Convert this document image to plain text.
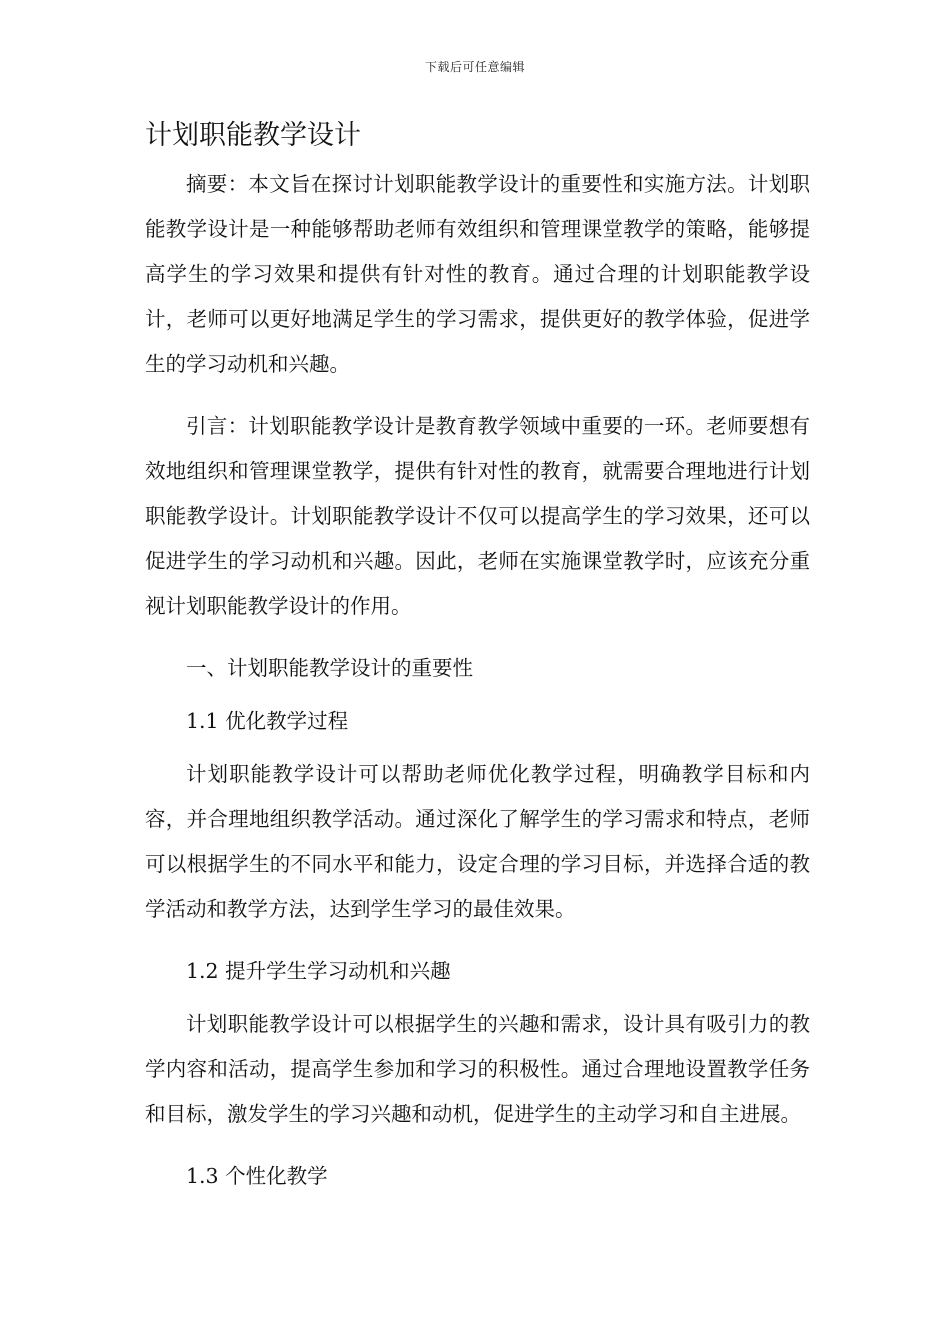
下载后可任意编辑
计划职能教学设计

摘要：本文旨在探讨计划职能教学设计的重要性和实施方法。计划职能教学设计是一种能够帮助老师有效组织和管理课堂教学的策略，能够提高学生的学习效果和提供有针对性的教育。通过合理的计划职能教学设计，老师可以更好地满足学生的学习需求，提供更好的教学体验，促进学生的学习动机和兴趣。

引言：计划职能教学设计是教育教学领域中重要的一环。老师要想有效地组织和管理课堂教学，提供有针对性的教育，就需要合理地进行计划职能教学设计。计划职能教学设计不仅可以提高学生的学习效果，还可以促进学生的学习动机和兴趣。因此，老师在实施课堂教学时，应该充分重视计划职能教学设计的作用。

一、计划职能教学设计的重要性

1.1 优化教学过程

计划职能教学设计可以帮助老师优化教学过程，明确教学目标和内容，并合理地组织教学活动。通过深化了解学生的学习需求和特点，老师可以根据学生的不同水平和能力，设定合理的学习目标，并选择合适的教学活动和教学方法，达到学生学习的最佳效果。

1.2 提升学生学习动机和兴趣

计划职能教学设计可以根据学生的兴趣和需求，设计具有吸引力的教学内容和活动，提高学生参加和学习的积极性。通过合理地设置教学任务和目标，激发学生的学习兴趣和动机，促进学生的主动学习和自主进展。

1.3 个性化教学
